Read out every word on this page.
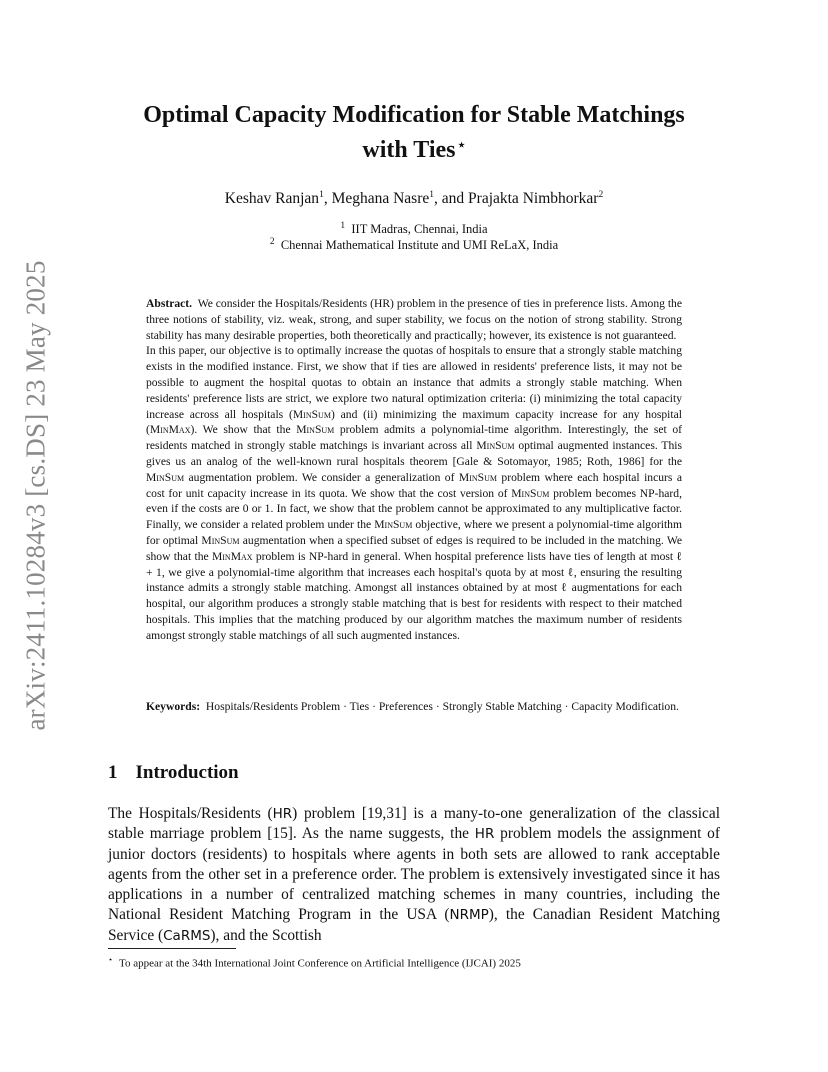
arXiv:2411.10284v3 [cs.DS] 23 May 2025
Optimal Capacity Modification for Stable Matchings
with Ties ⋆
Keshav Ranjan$^1$, Meghana Nasre$^1$, and Prajakta Nimbhorkar$^2$
$^1$ IIT Madras, Chennai, India
$^2$ Chennai Mathematical Institute and UMI ReLaX, India

Abstract. We consider the Hospitals/Residents (HR) problem in the presence of ties in preference lists. Among the three notions of stability, viz. weak, strong, and super stability, we focus on the notion of strong stability. Strong stability has many desirable properties, both theoretically and practically; however, its existence is not guaranteed.

In this paper, our objective is to optimally increase the quotas of hospitals to ensure that a strongly stable matching exists in the modified instance. First, we show that if ties are allowed in residents' preference lists, it may not be possible to augment the hospital quotas to obtain an instance that admits a strongly stable matching. When residents' preference lists are strict, we explore two natural optimization criteria: (i) minimizing the total capacity increase across all hospitals (MinSum) and (ii) minimizing the maximum capacity increase for any hospital (MinMax). We show that the MinSum problem admits a polynomial-time algorithm. Interestingly, the set of residents matched in strongly stable matchings is invariant across all MinSum optimal augmented instances. This gives us an analog of the well-known rural hospitals theorem [Gale & Sotomayor, 1985; Roth, 1986] for the MinSum augmentation problem. We consider a generalization of MinSum problem where each hospital incurs a cost for unit capacity increase in its quota. We show that the cost version of MinSum problem becomes NP-hard, even if the costs are 0 or 1. In fact, we show that the problem cannot be approximated to any multiplicative factor. Finally, we consider a related problem under the MinSum objective, where we present a polynomial-time algorithm for optimal MinSum augmentation when a specified subset of edges is required to be included in the matching. We show that the MinMax problem is NP-hard in general. When hospital preference lists have ties of length at most ℓ + 1, we give a polynomial-time algorithm that increases each hospital's quota by at most ℓ, ensuring the resulting instance admits a strongly stable matching. Amongst all instances obtained by at most ℓ augmentations for each hospital, our algorithm produces a strongly stable matching that is best for residents with respect to their matched hospitals. This implies that the matching produced by our algorithm matches the maximum number of residents amongst strongly stable matchings of all such augmented instances.

Keywords: Hospitals/Residents Problem · Ties · Preferences · Strongly Stable Matching · Capacity Modification.
1 Introduction

The Hospitals/Residents (HR) problem [19,31] is a many-to-one generalization of the classical stable marriage problem [15]. As the name suggests, the HR problem models the assignment of junior doctors (residents) to hospitals where agents in both sets are allowed to rank acceptable agents from the other set in a preference order. The problem is extensively investigated since it has applications in a number of centralized matching schemes in many countries, including the National Resident Matching Program in the USA (NRMP), the Canadian Resident Matching Service (CaRMS), and the Scottish

⋆ To appear at the 34th International Joint Conference on Artificial Intelligence (IJCAI) 2025
